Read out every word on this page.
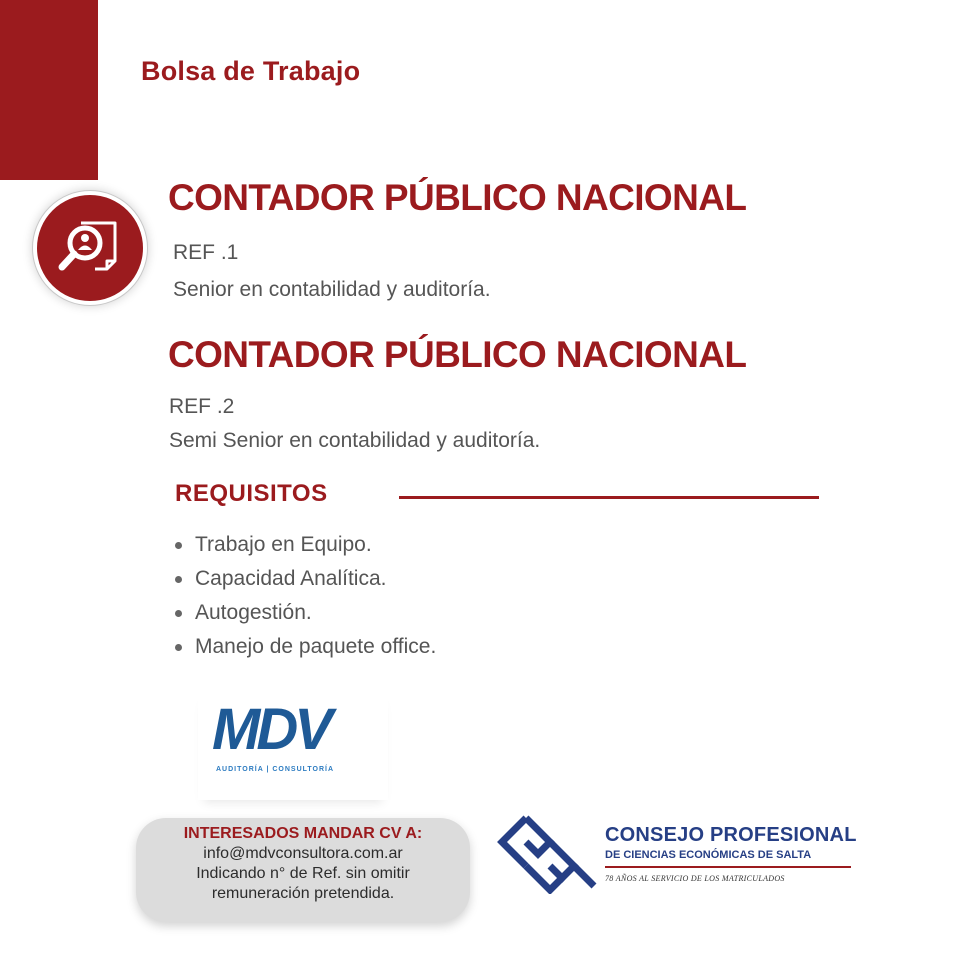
Bolsa de Trabajo
CONTADOR PÚBLICO NACIONAL
REF .1
Senior en contabilidad y auditoría.
CONTADOR PÚBLICO NACIONAL
REF .2
Semi Senior en contabilidad y auditoría.
REQUISITOS
Trabajo en Equipo.
Capacidad Analítica.
Autogestión.
Manejo de paquete office.
MDV
AUDITORÍA | CONSULTORÍA
INTERESADOS MANDAR CV A:
info@mdvconsultora.com.ar
Indicando n° de Ref. sin omitir
remuneración pretendida.
CONSEJO PROFESIONAL
DE CIENCIAS ECONÓMICAS DE SALTA
78 AÑOS AL SERVICIO DE LOS MATRICULADOS
